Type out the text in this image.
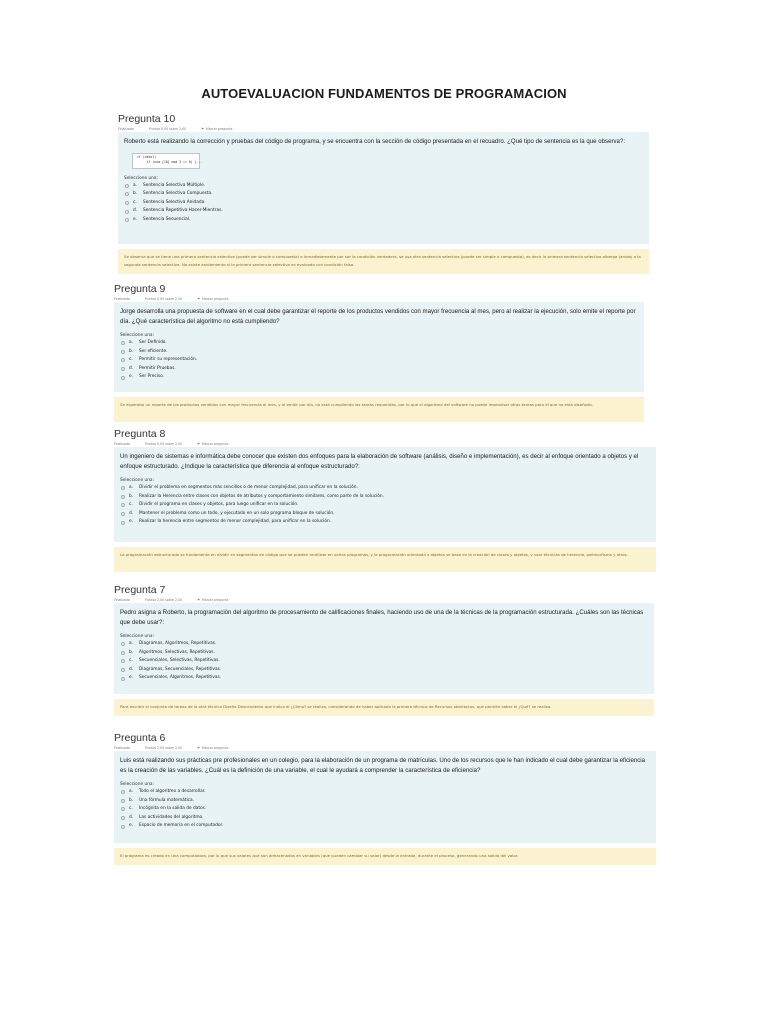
AUTOEVALUACION FUNDAMENTOS DE PROGRAMACION
Pregunta 10
Finalizado	Puntúa 0,00 sobre 2,00	⚑ Marcar pregunta
Roberto está realizando la corrección y pruebas del código de programa, y se encuentra con la sección de código presentada en el recuadro. ¿Qué tipo de sentencia es la que observa?:
if (dato1)
if (num [10] mod 2 == 0) {...
Seleccione una:
a.	Sentencia Selectiva Múltiple.
b.	Sentencia Selectiva Compuesta.
c.	Sentencia Selectiva Anidada.
d.	Sentencia Repetitiva Hacer-Mientras.
e.	Sentencia Secuencial.
Se observa que se tiene una primera sentencia selectiva (puede ser simple o compuesta) e inmediatamente por ser la condición verdadera, se usa otra sentencia selectiva (puede ser simple o compuesta), es decir la primera sentencia selectiva alberga (anida) a la segunda sentencia selectiva. No existe anidamiento si la primera sentencia selectiva es evaluada con condición falsa.
Pregunta 9
Finalizado	Puntúa 0,00 sobre 2,00	⚑ Marcar pregunta
Jorge desarrolla una propuesta de software en el cual debe garantizar el reporte de los productos vendidos con mayor frecuencia al mes, pero al realizar la ejecución, solo emite el reporte por día. ¿Qué característica del algoritmo no está cumpliendo?
Seleccione una:
a.	Ser Definido.
b.	Ser eficiente.
c.	Permitir su representación.
d.	Permitir Pruebas.
e.	Ser Preciso.
Se esperaba un reporte de los productos vendidos con mayor frecuencia al mes, y al emitir por día, no está cumpliendo las tareas requeridas, por lo que el algoritmo del software no puede improvisar otras tareas para el que no está diseñado.
Pregunta 8
Finalizado	Puntúa 0,00 sobre 2,00	⚑ Marcar pregunta
Un ingeniero de sistemas e informática debe conocer que existen dos enfoques para la elaboración de software (análisis, diseño e implementación), es decir al enfoque orientado a objetos y el enfoque estructurado. ¿Indique la característica que diferencia al enfoque estructurado?:
Seleccione una:
a.	Dividir el problema en segmentos más sencillos o de menor complejidad, para unificar en la solución.
b.	Realizar la Herencia entre clases con objetos de atributos y comportamiento similares, como parte de la solución.
c.	Dividir el programa en clases y objetos, para luego unificar en la solución.
d.	Mantener el problema como un todo, y ejecutado en un solo programa bloque de solución.
e.	Realizar la herencia entre segmentos de menor complejidad, para unificar en la solución.
La programación estructurada se fundamenta en dividir en segmentos de código que se pueden reutilizar en varios programas, y la programación orientada a objetos se basa en la creación de clases y objetos, y usar técnicas de herencia, polimorfismo y otros.
Pregunta 7
Finalizado	Puntúa 2,00 sobre 2,00	⚑ Marcar pregunta
Pedro asigna a Roberto, la programación del algoritmo de procesamiento de calificaciones finales, haciendo uso de una de la técnicas de la programación estructurada. ¿Cuáles son las técnicas que debe usar?:
Seleccione una:
a.	Diagramas, Algoritmos, Repetitivas.
b.	Algoritmos, Selectivas, Repetitivas.
c.	Secuenciales, Selectivas, Repetitivas.
d.	Diagramas, Secuenciales, Repetitivas.
e.	Secuenciales, Algoritmos, Repetitivas.
Para escribir el conjunto de tareas de la otra técnica Diseño Descendente que indica el ¿Cómo? se realiza, considerando de haber aplicado la primera técnica de Recursos abstractos, que permite saber el ¿Qué? se realiza.
Pregunta 6
Finalizado	Puntúa 2,00 sobre 2,00	⚑ Marcar pregunta
Luis está realizando sus prácticas pre profesionales en un colegio, para la elaboración de un programa de matrículas. Uno de los recursos que le han indicado el cual debe garantizar la eficiencia es la creación de las variables. ¿Cuál es la definición de una variable, el cual le ayudará a comprender la característica de eficiencia?
Seleccione una:
a.	Todo el algoritmo a desarrollar.
b.	Una fórmula matemática.
c.	Incógnita en la salida de datos.
d.	Las actividades del algoritmo.
e.	Espacio de memoria en el computador.
El programa es creado en una computadora, por lo que sus valores que son almacenados en variables (que pueden cambiar su valor) desde la entrada, durante el proceso, generando una salida del valor.
